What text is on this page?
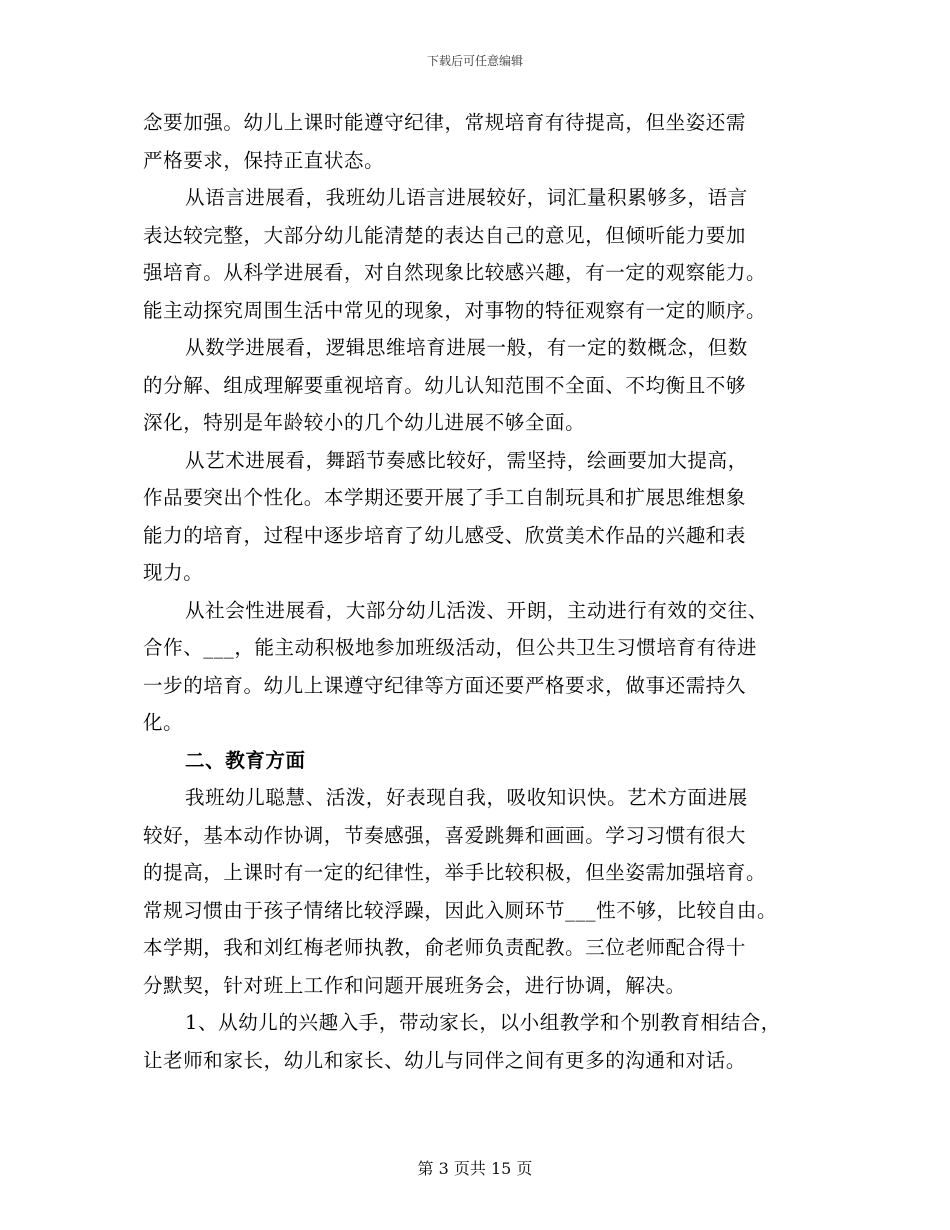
下载后可任意编辑
念要加强。幼儿上课时能遵守纪律，常规培育有待提高，但坐姿还需
严格要求，保持正直状态。
从语言进展看，我班幼儿语言进展较好，词汇量积累够多，语言
表达较完整，大部分幼儿能清楚的表达自己的意见，但倾听能力要加
强培育。从科学进展看，对自然现象比较感兴趣，有一定的观察能力。
能主动探究周围生活中常见的现象，对事物的特征观察有一定的顺序。
从数学进展看，逻辑思维培育进展一般，有一定的数概念，但数
的分解、组成理解要重视培育。幼儿认知范围不全面、不均衡且不够
深化，特别是年龄较小的几个幼儿进展不够全面。
从艺术进展看，舞蹈节奏感比较好，需坚持，绘画要加大提高，
作品要突出个性化。本学期还要开展了手工自制玩具和扩展思维想象
能力的培育，过程中逐步培育了幼儿感受、欣赏美术作品的兴趣和表
现力。
从社会性进展看，大部分幼儿活泼、开朗，主动进行有效的交往、
合作、___，能主动积极地参加班级活动，但公共卫生习惯培育有待进
一步的培育。幼儿上课遵守纪律等方面还要严格要求，做事还需持久
化。
二、教育方面
我班幼儿聪慧、活泼，好表现自我，吸收知识快。艺术方面进展
较好，基本动作协调，节奏感强，喜爱跳舞和画画。学习习惯有很大
的提高，上课时有一定的纪律性，举手比较积极，但坐姿需加强培育。
常规习惯由于孩子情绪比较浮躁，因此入厕环节___性不够，比较自由。
本学期，我和刘红梅老师执教，俞老师负责配教。三位老师配合得十
分默契，针对班上工作和问题开展班务会，进行协调，解决。
1、从幼儿的兴趣入手，带动家长，以小组教学和个别教育相结合，
让老师和家长，幼儿和家长、幼儿与同伴之间有更多的沟通和对话。
第 3 页共 15 页
